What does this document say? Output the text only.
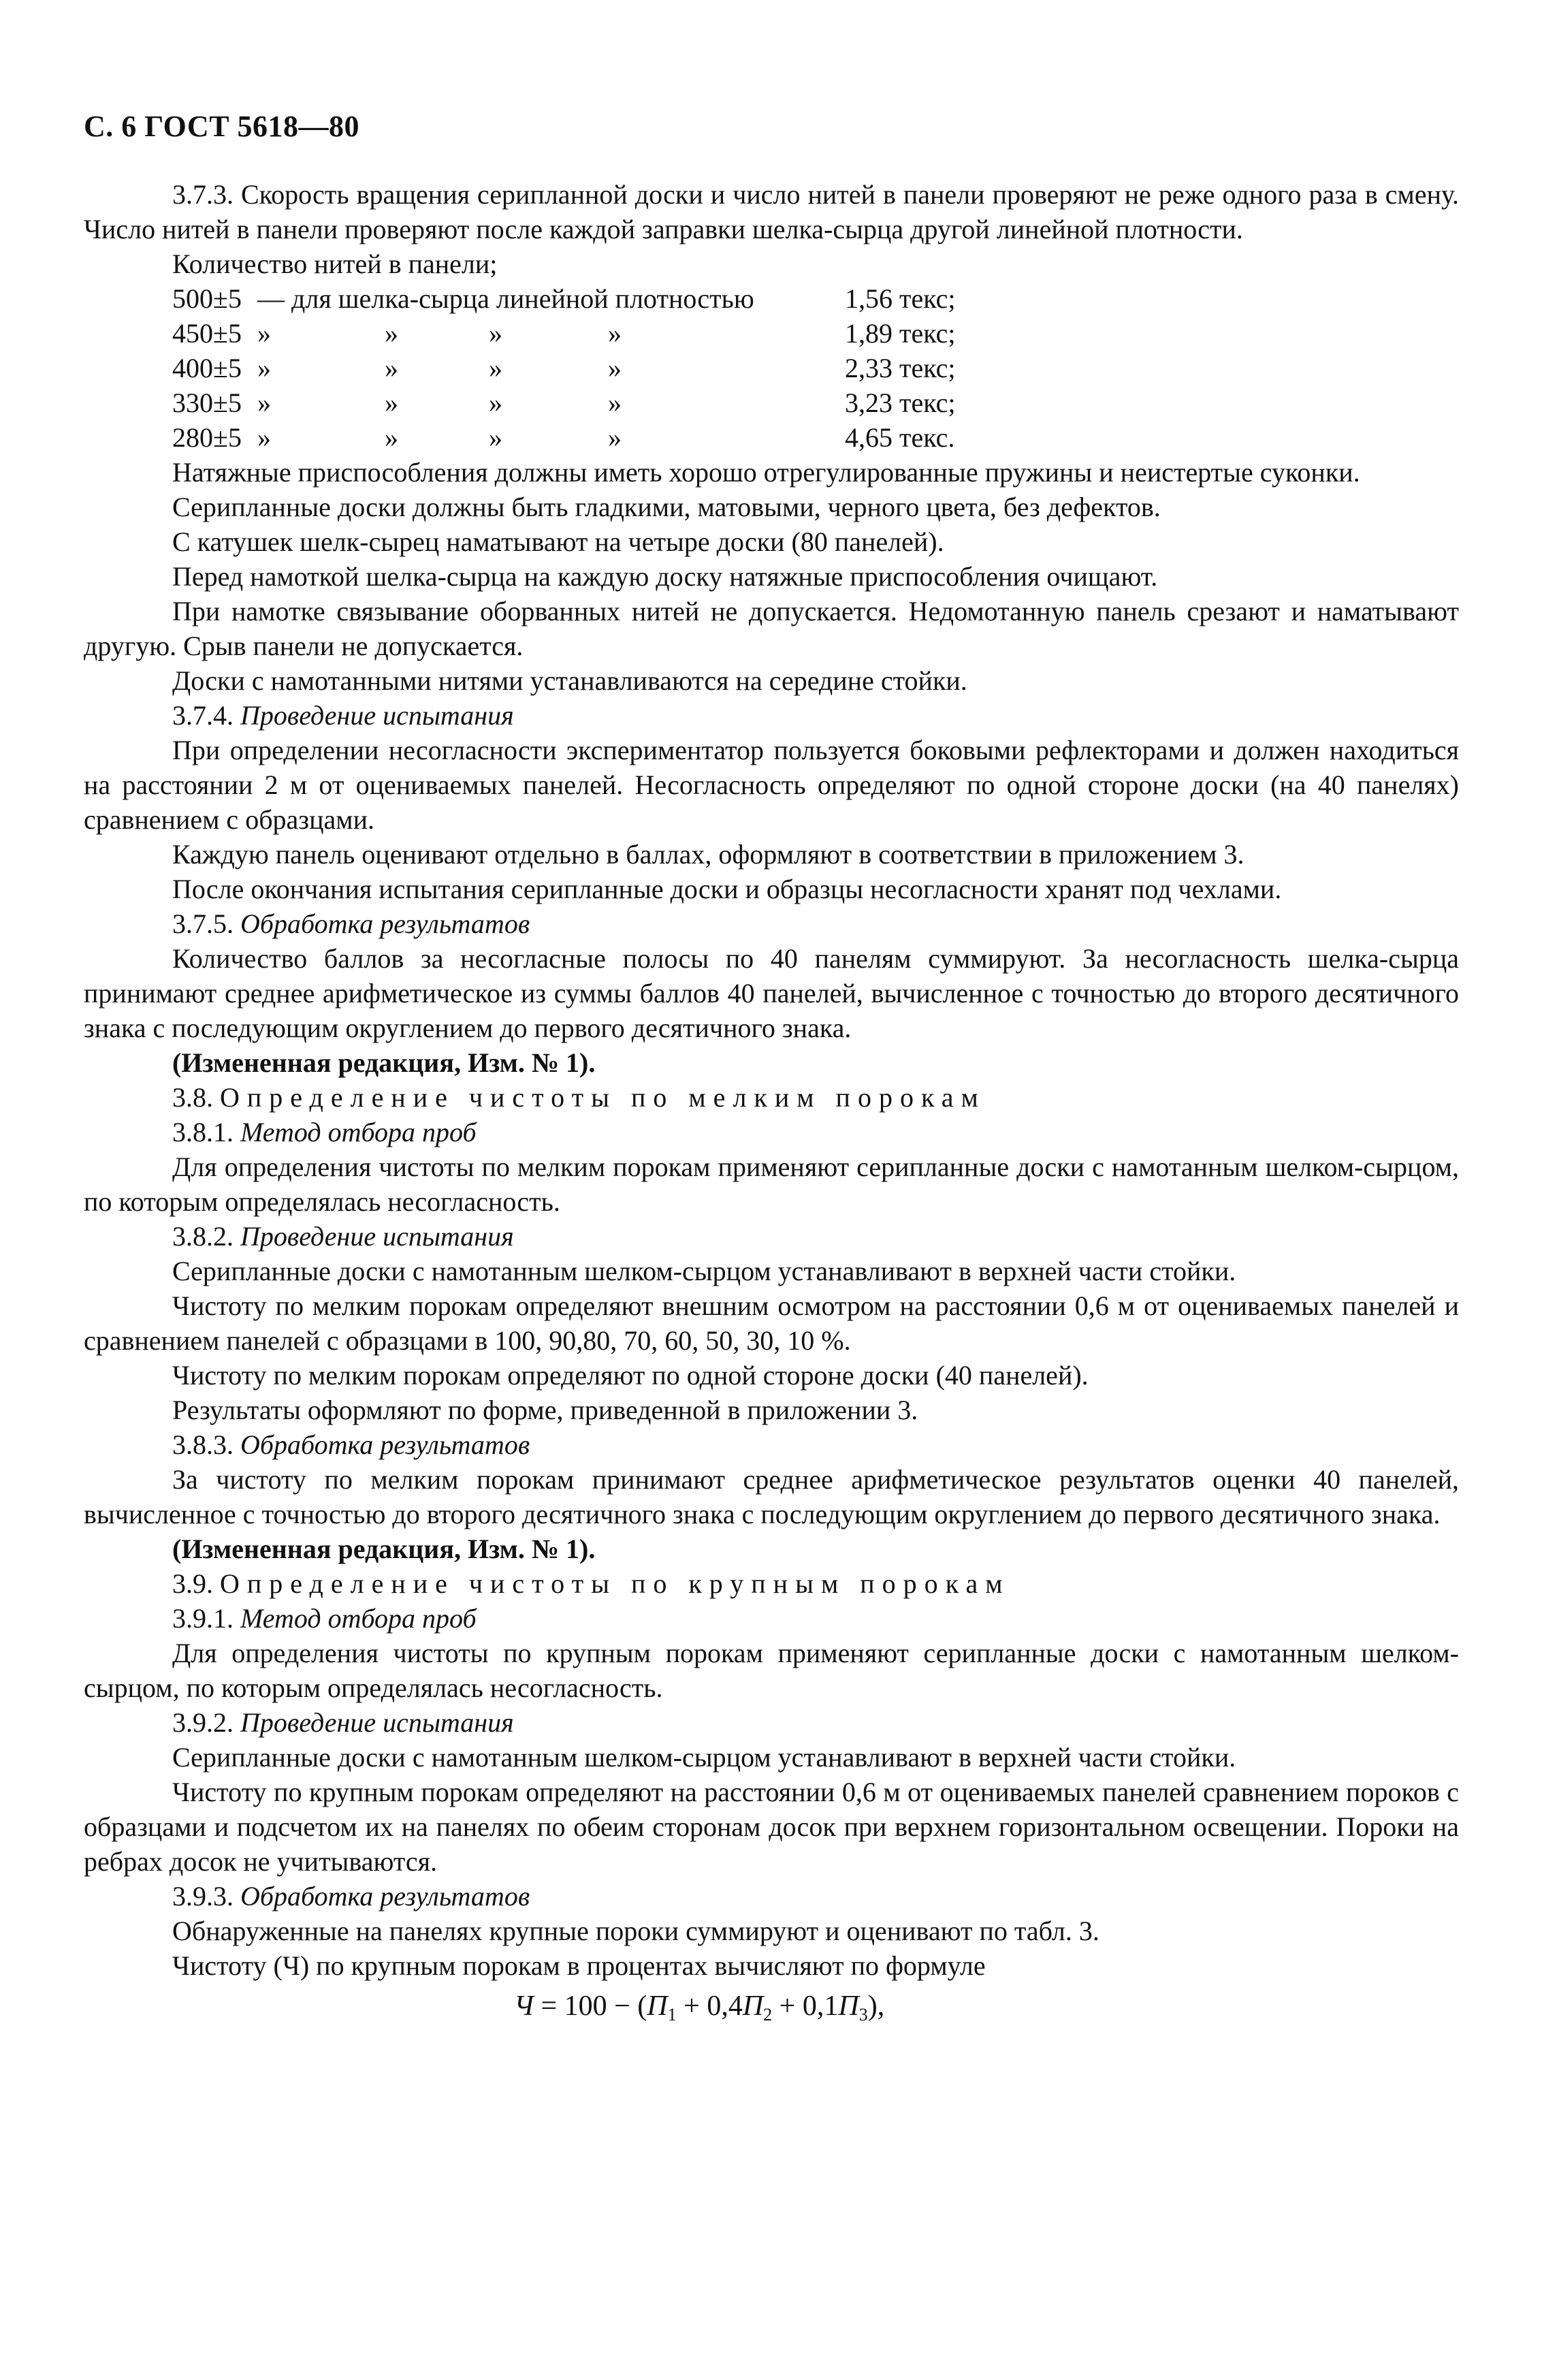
С. 6 ГОСТ 5618—80

3.7.3. Скорость вращения серипланной доски и число нитей в панели проверяют не реже одного раза в смену. Число нитей в панели проверяют после каждой заправки шелка-сырца другой линейной плотности.

Количество нитей в панели;

500±5 — для шелка-сырца линейной плотностью	1,56 текс;
450±5 »	»	»	»	1,89 текс;
400±5 »	»	»	»	2,33 текс;
330±5 »	»	»	»	3,23 текс;
280±5 »	»	»	»	4,65 текс.

Натяжные приспособления должны иметь хорошо отрегулированные пружины и неистертые суконки.

Серипланные доски должны быть гладкими, матовыми, черного цвета, без дефектов.

С катушек шелк-сырец наматывают на четыре доски (80 панелей).

Перед намоткой шелка-сырца на каждую доску натяжные приспособления очищают.

При намотке связывание оборванных нитей не допускается. Недомотанную панель срезают и наматывают другую. Срыв панели не допускается.

Доски с намотанными нитями устанавливаются на середине стойки.

3.7.4. Проведение испытания

При определении несогласности экспериментатор пользуется боковыми рефлекторами и должен находиться на расстоянии 2 м от оцениваемых панелей. Несогласность определяют по одной стороне доски (на 40 панелях) сравнением с образцами.

Каждую панель оценивают отдельно в баллах, оформляют в соответствии в приложением 3.

После окончания испытания серипланные доски и образцы несогласности хранят под чехлами.

3.7.5. Обработка результатов

Количество баллов за несогласные полосы по 40 панелям суммируют. За несогласность шелка-сырца принимают среднее арифметическое из суммы баллов 40 панелей, вычисленное с точностью до второго десятичного знака с последующим округлением до первого десятичного знака.

(Измененная редакция, Изм. № 1).

3.8. Определение чистоты по мелким порокам

3.8.1. Метод отбора проб

Для определения чистоты по мелким порокам применяют серипланные доски с намотанным шелком-сырцом, по которым определялась несогласность.

3.8.2. Проведение испытания

Серипланные доски с намотанным шелком-сырцом устанавливают в верхней части стойки.

Чистоту по мелким порокам определяют внешним осмотром на расстоянии 0,6 м от оцениваемых панелей и сравнением панелей с образцами в 100, 90,80, 70, 60, 50, 30, 10 %.

Чистоту по мелким порокам определяют по одной стороне доски (40 панелей).

Результаты оформляют по форме, приведенной в приложении 3.

3.8.3. Обработка результатов

За чистоту по мелким порокам принимают среднее арифметическое результатов оценки 40 панелей, вычисленное с точностью до второго десятичного знака с последующим округлением до первого десятичного знака.

(Измененная редакция, Изм. № 1).

3.9. Определение чистоты по крупным порокам

3.9.1. Метод отбора проб

Для определения чистоты по крупным порокам применяют серипланные доски с намотанным шелком-сырцом, по которым определялась несогласность.

3.9.2. Проведение испытания

Серипланные доски с намотанным шелком-сырцом устанавливают в верхней части стойки.

Чистоту по крупным порокам определяют на расстоянии 0,6 м от оцениваемых панелей сравнением пороков с образцами и подсчетом их на панелях по обеим сторонам досок при верхнем горизонтальном освещении. Пороки на ребрах досок не учитываются.

3.9.3. Обработка результатов

Обнаруженные на панелях крупные пороки суммируют и оценивают по табл. 3.

Чистоту (Ч) по крупным порокам в процентах вычисляют по формуле

$Ч = 100 - (П_1 + 0,4П_2 + 0,1П_3)$,
